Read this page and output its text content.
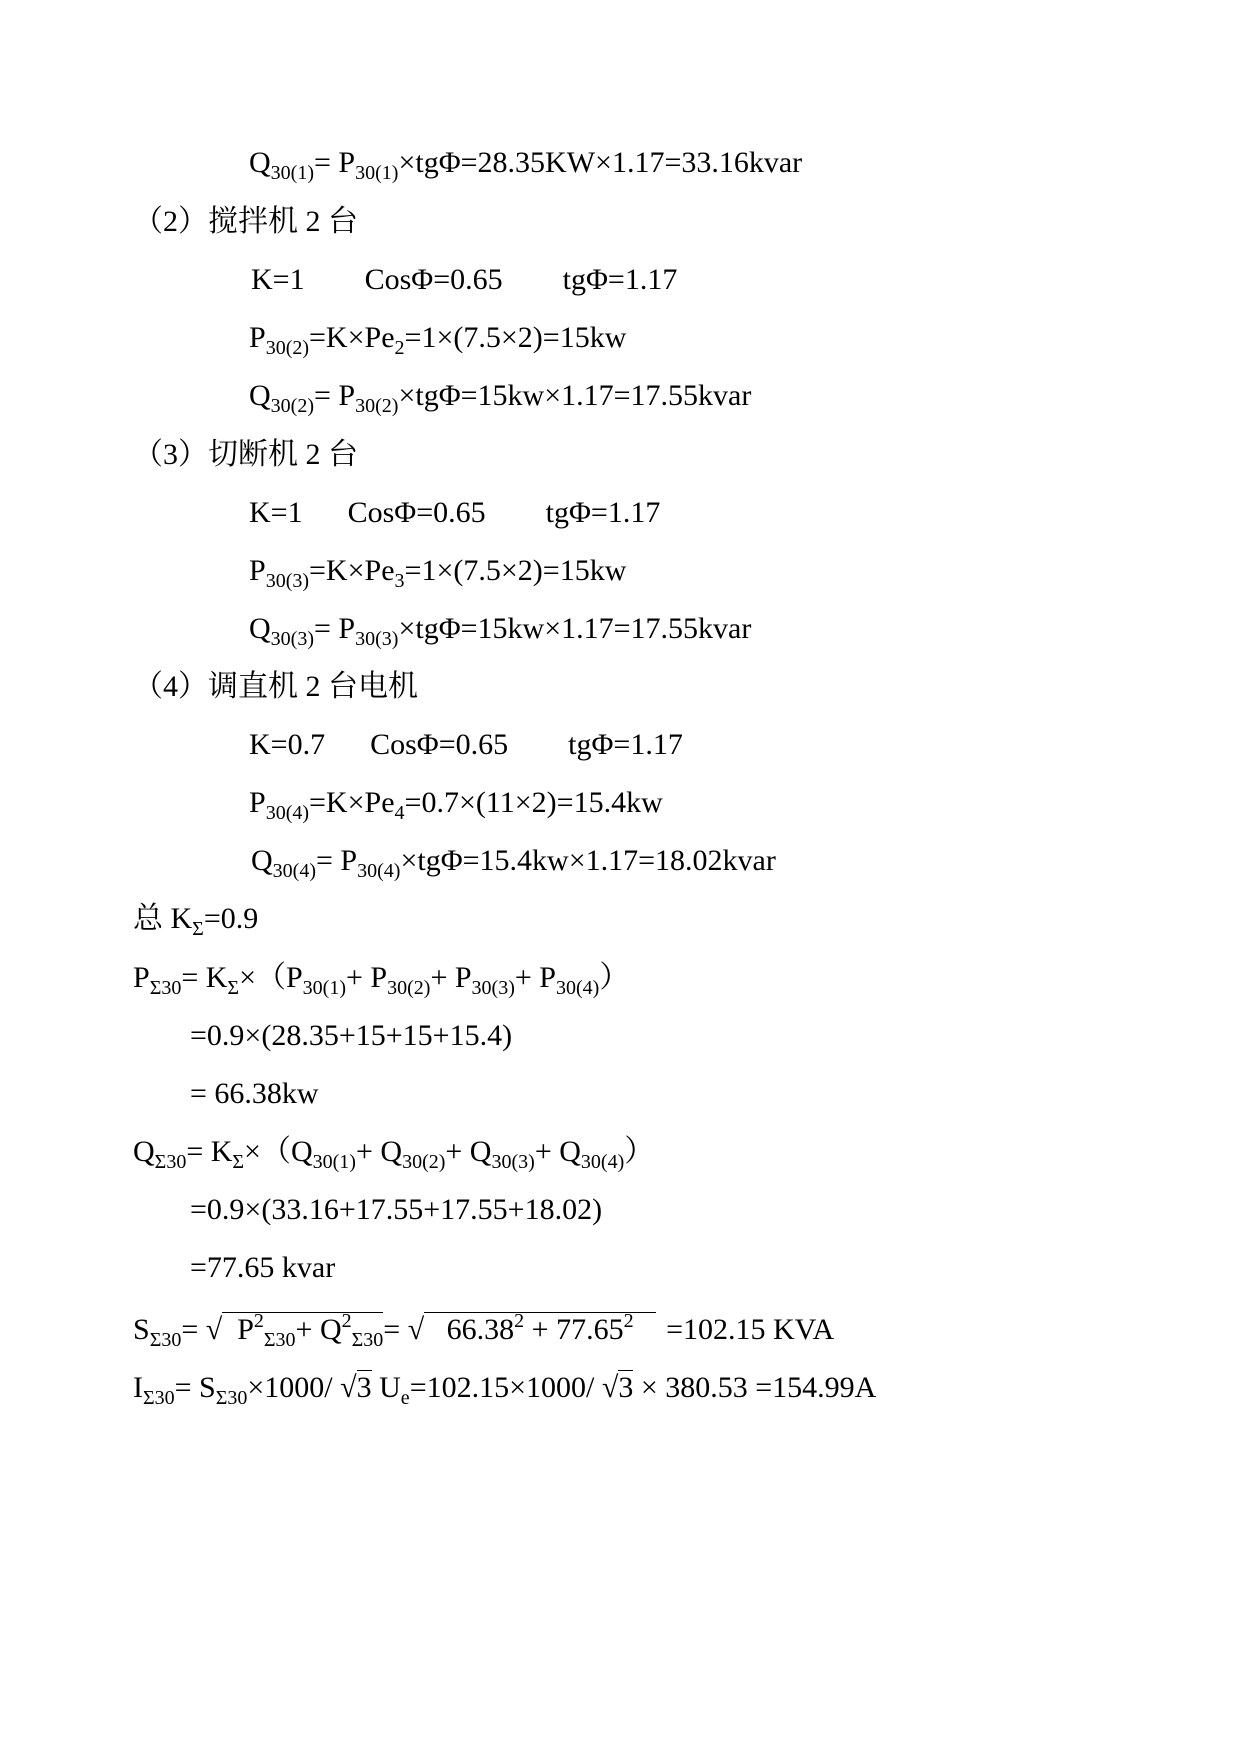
$Q_{30(1)}=$ $P_{30(1)}\times tg\Phi=28.35KW\times 1.17=33.16kvar$
（2）搅拌机 2 台
K=1 CosΦ=0.65 tgΦ=1.17
$P_{30(2)}=K\times Pe_2=1\times(7.5\times 2)=15kw$
$Q_{30(2)}=$ $P_{30(2)}\times tg\Phi=15kw\times 1.17=17.55kvar$
（3）切断机 2 台
K=1 CosΦ=0.65 tgΦ=1.17
$P_{30(3)}=K\times Pe_3=1\times(7.5\times 2)=15kw$
$Q_{30(3)}=$ $P_{30(3)}\times tg\Phi=15kw\times 1.17=17.55kvar$
（4）调直机 2 台电机
K=0.7 CosΦ=0.65 tgΦ=1.17
$P_{30(4)}=K\times Pe_4=0.7\times(11\times 2)=15.4kw$
$Q_{30(4)}=$ $P_{30(4)}\times tg\Phi=15.4kw\times 1.17=18.02kvar$
总 $K_\Sigma=0.9$
$P_{\Sigma 30}= K_\Sigma\times(P_{30(1)}+ P_{30(2)}+ P_{30(3)}+ P_{30(4)})$
=0.9×(28.35+15+15+15.4)
= 66.38kw
$Q_{\Sigma 30}= K_\Sigma\times(Q_{30(1)}+ Q_{30(2)}+ Q_{30(3)}+ Q_{30(4)})$
=0.9×(33.16+17.55+17.55+18.02)
=77.65 kvar
$S_{\Sigma 30}=$ √ $P^2_{\Sigma 30}+ Q^2_{\Sigma 30}=$ √ $66.38^2 + 77.65^2 =102.15$ KVA
$I_{\Sigma 30}= S_{\Sigma 30}\times 1000/$ √3 $U_e=102.15\times 1000/$ √3 × 380.53 =154.99A
